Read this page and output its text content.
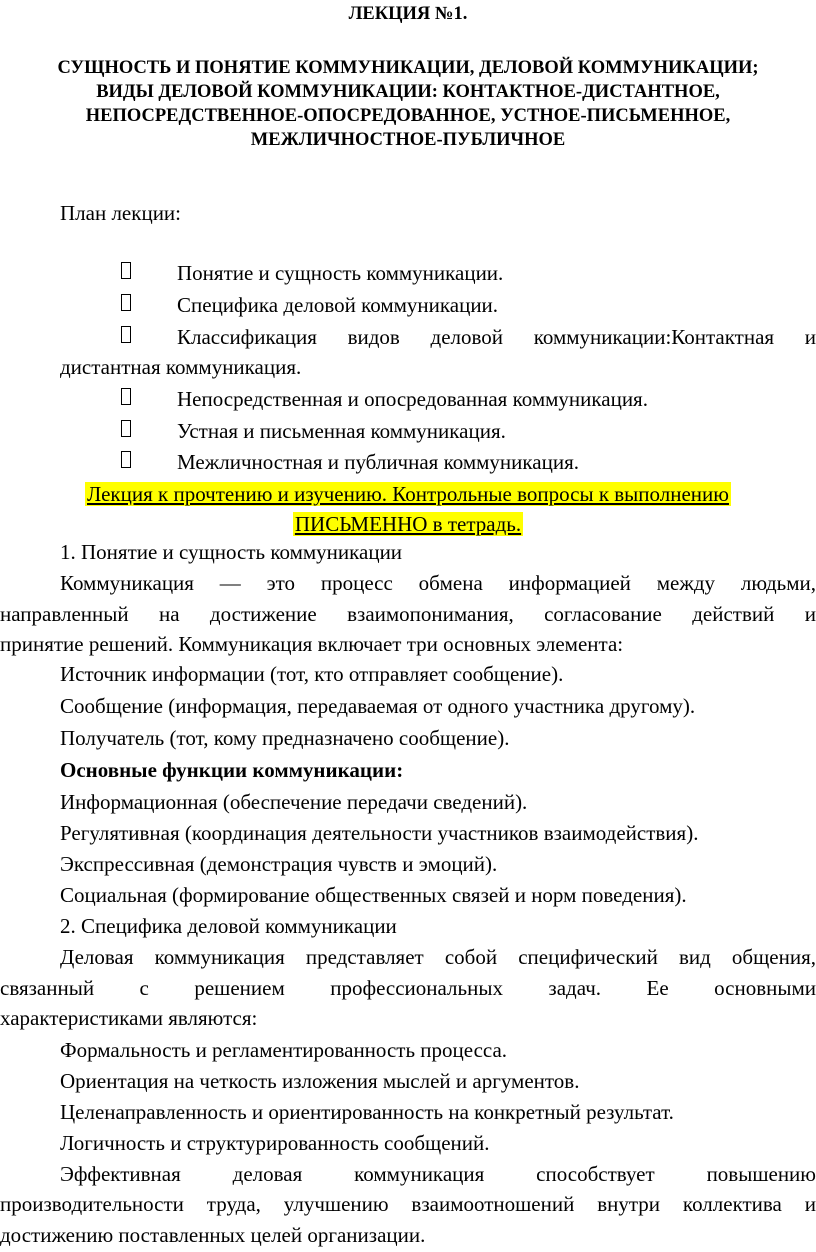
ЛЕКЦИЯ №1.

СУЩНОСТЬ И ПОНЯТИЕ КОММУНИКАЦИИ, ДЕЛОВОЙ КОММУНИКАЦИИ;
ВИДЫ ДЕЛОВОЙ КОММУНИКАЦИИ: КОНТАКТНОЕ-ДИСТАНТНОЕ,
НЕПОСРЕДСТВЕННОЕ-ОПОСРЕДОВАННОЕ, УСТНОЕ-ПИСЬМЕННОЕ,
МЕЖЛИЧНОСТНОЕ-ПУБЛИЧНОЕ

План лекции:
Понятие и сущность коммуникации.
Специфика деловой коммуникации.
Классификация видов деловой коммуникации:Контактная и
дистантная коммуникация.
Непосредственная и опосредованная коммуникация.
Устная и письменная коммуникация.
Межличностная и публичная коммуникация.
Лекция к прочтению и изучению. Контрольные вопросы к выполнению
ПИСЬМЕННО в тетрадь.

1. Понятие и сущность коммуникации

Коммуникация — это процесс обмена информацией между людьми,

направленный на достижение взаимопонимания, согласование действий и

принятие решений. Коммуникация включает три основных элемента:

Источник информации (тот, кто отправляет сообщение).

Сообщение (информация, передаваемая от одного участника другому).

Получатель (тот, кому предназначено сообщение).

Основные функции коммуникации:

Информационная (обеспечение передачи сведений).

Регулятивная (координация деятельности участников взаимодействия).

Экспрессивная (демонстрация чувств и эмоций).

Социальная (формирование общественных связей и норм поведения).

2. Специфика деловой коммуникации

Деловая коммуникация представляет собой специфический вид общения,

связанный с решением профессиональных задач. Ее основными

характеристиками являются:

Формальность и регламентированность процесса.

Ориентация на четкость изложения мыслей и аргументов.

Целенаправленность и ориентированность на конкретный результат.

Логичность и структурированность сообщений.

Эффективная деловая коммуникация способствует повышению

производительности труда, улучшению взаимоотношений внутри коллектива и

достижению поставленных целей организации.
